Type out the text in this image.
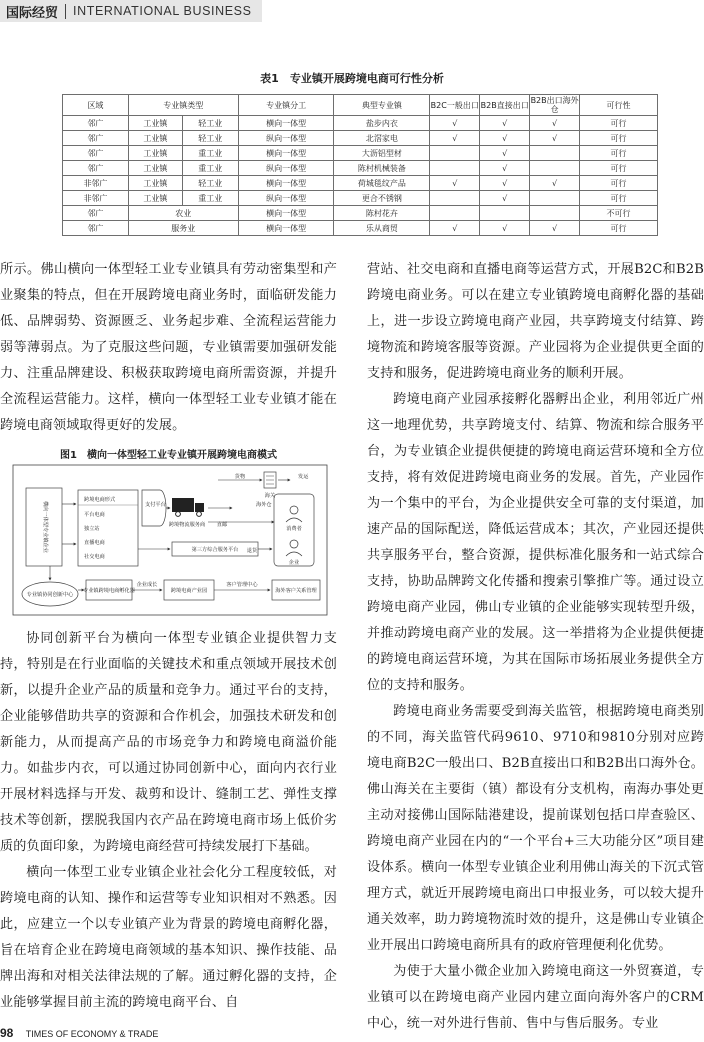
国际经贸 INTERNATIONAL BUSINESS
表1　专业镇开展跨境电商可行性分析
区域	专业镇类型		专业镇分工	典型专业镇	B2C一般出口	B2B直接出口	B2B出口海外仓	可行性
邻广	工业镇	轻工业	横向一体型	盐步内衣	√	√	√	可行
邻广	工业镇	轻工业	纵向一体型	北滘家电	√	√	√	可行
邻广	工业镇	重工业	横向一体型	大沥铝型材		√		可行
邻广	工业镇	重工业	纵向一体型	陈村机械装备		√		可行
非邻广	工业镇	轻工业	横向一体型	荷城毯纹产品	√	√	√	可行
非邻广	工业镇	重工业	纵向一体型	更合不锈钢		√		可行
邻广	农业		横向一体型	陈村花卉				不可行
邻广	服务业		横向一体型	乐从商贸	√	√	√	可行

所示。佛山横向一体型轻工业专业镇具有劳动密集型和产业聚集的特点，但在开展跨境电商业务时，面临研发能力低、品牌弱势、资源匮乏、业务起步难、全流程运营能力弱等薄弱点。为了克服这些问题，专业镇需要加强研发能力、注重品牌建设、积极获取跨境电商所需资源，并提升全流程运营能力。这样，横向一体型轻工业专业镇才能在跨境电商领域取得更好的发展。

图1　横向一体型轻工业专业镇开展跨境电商模式
横向一体型专业镇企业
跨境电商形式
平台电商
独立站
直播电商
社交电商
支付平台
跨境物流服务商
货物
海关
发运
海外仓
直邮
退货
消费者
企业
第三方综合服务平台
专业镇协同创新中心
专业镇跨境电商孵化器
企业成长
跨境电商产业园
客户管理中心
海外客户关系管理

协同创新平台为横向一体型专业镇企业提供智力支持，特别是在行业面临的关键技术和重点领域开展技术创新，以提升企业产品的质量和竞争力。通过平台的支持，企业能够借助共享的资源和合作机会，加强技术研发和创新能力，从而提高产品的市场竞争力和跨境电商溢价能力。如盐步内衣，可以通过协同创新中心，面向内衣行业开展材料选择与开发、裁剪和设计、缝制工艺、弹性支撑技术等创新，摆脱我国内衣产品在跨境电商市场上低价劣质的负面印象，为跨境电商经营可持续发展打下基础。

横向一体型工业专业镇企业社会化分工程度较低，对跨境电商的认知、操作和运营等专业知识相对不熟悉。因此，应建立一个以专业镇产业为背景的跨境电商孵化器，旨在培育企业在跨境电商领域的基本知识、操作技能、品牌出海和对相关法律法规的了解。通过孵化器的支持，企业能够掌握目前主流的跨境电商平台、自

营站、社交电商和直播电商等运营方式，开展B2C和B2B跨境电商业务。可以在建立专业镇跨境电商孵化器的基础上，进一步设立跨境电商产业园，共享跨境支付结算、跨境物流和跨境客服等资源。产业园将为企业提供更全面的支持和服务，促进跨境电商业务的顺利开展。

跨境电商产业园承接孵化器孵出企业，利用邻近广州这一地理优势，共享跨境支付、结算、物流和综合服务平台，为专业镇企业提供便捷的跨境电商运营环境和全方位支持，将有效促进跨境电商业务的发展。首先，产业园作为一个集中的平台，为企业提供安全可靠的支付渠道，加速产品的国际配送，降低运营成本；其次，产业园还提供共享服务平台，整合资源，提供标准化服务和一站式综合支持，协助品牌跨文化传播和搜索引擎推广等。通过设立跨境电商产业园，佛山专业镇的企业能够实现转型升级，并推动跨境电商产业的发展。这一举措将为企业提供便捷的跨境电商运营环境，为其在国际市场拓展业务提供全方位的支持和服务。

跨境电商业务需要受到海关监管，根据跨境电商类别的不同，海关监管代码9610、9710和9810分别对应跨境电商B2C一般出口、B2B直接出口和B2B出口海外仓。佛山海关在主要街（镇）都设有分支机构，南海办事处更主动对接佛山国际陆港建设，提前谋划包括口岸查验区、跨境电商产业园在内的“一个平台+三大功能分区”项目建设体系。横向一体型专业镇企业利用佛山海关的下沉式管理方式，就近开展跨境电商出口申报业务，可以较大提升通关效率，助力跨境物流时效的提升，这是佛山专业镇企业开展出口跨境电商所具有的政府管理便利化优势。

为使于大量小微企业加入跨境电商这一外贸赛道，专业镇可以在跨境电商产业园内建立面向海外客户的CRM中心，统一对外进行售前、售中与售后服务。专业

98 TIMES OF ECONOMY & TRADE
